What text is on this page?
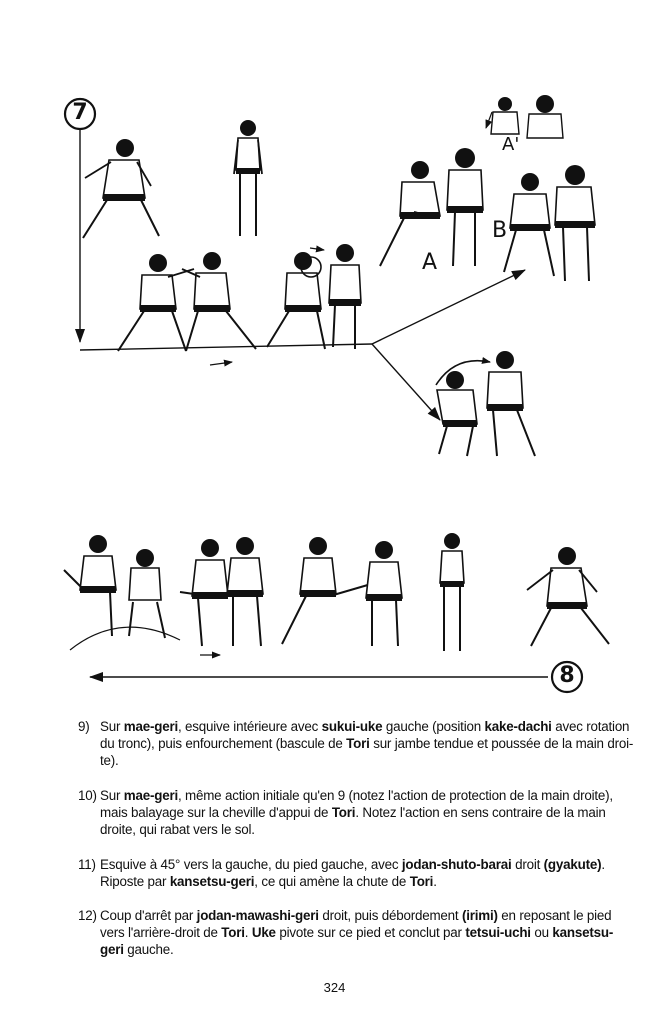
7
8
A
A'
B
9) Sur mae-geri, esquive intérieure avec sukui-uke gauche (position kake-dachi avec rotation
du tronc), puis enfourchement (bascule de Tori sur jambe tendue et poussée de la main droi-
te).
10) Sur mae-geri, même action initiale qu'en 9 (notez l'action de protection de la main droite),
mais balayage sur la cheville d'appui de Tori. Notez l'action en sens contraire de la main
droite, qui rabat vers le sol.
11) Esquive à 45° vers la gauche, du pied gauche, avec jodan-shuto-barai droit (gyakute).
Riposte par kansetsu-geri, ce qui amène la chute de Tori.
12) Coup d'arrêt par jodan-mawashi-geri droit, puis débordement (irimi) en reposant le pied
vers l'arrière-droit de Tori. Uke pivote sur ce pied et conclut par tetsui-uchi ou kansetsu-
geri gauche.
324
